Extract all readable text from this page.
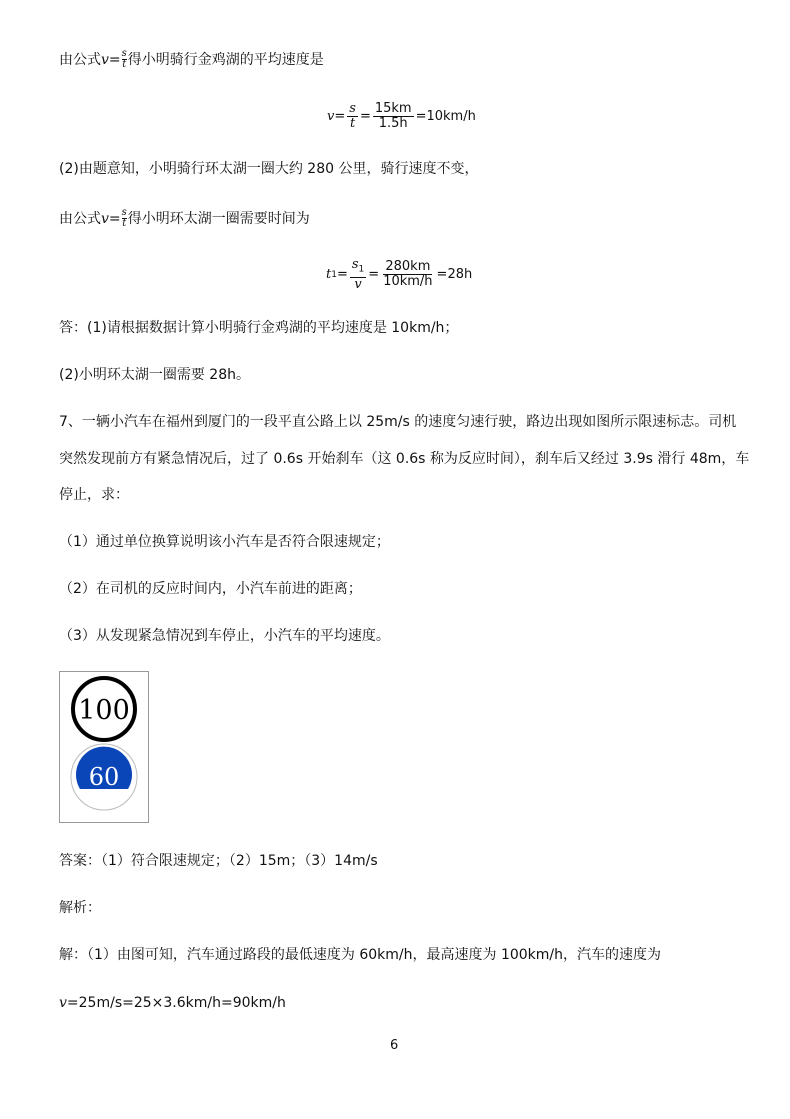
由公式 $v = \frac{s}{t}$ 得小明骑行金鸡湖的平均速度是
$v = \frac{s}{t} = \frac{15km}{1.5h} =10km/h$
(2)由题意知，小明骑行环太湖一圈大约 280 公里，骑行速度不变，
由公式 $v = \frac{s}{t}$ 得小明环太湖一圈需要时间为
t $1 = \frac{s_1}{v} = \frac{280km}{10km/h} =28h$
答：(1)请根据数据计算小明骑行金鸡湖的平均速度是 10km/h；
(2)小明环太湖一圈需要 28h。
7、一辆小汽车在福州到厦门的一段平直公路上以 25m/s 的速度匀速行驶，路边出现如图所示限速标志。司机
突然发现前方有紧急情况后，过了 0.6s 开始刹车（这 0.6s 称为反应时间），刹车后又经过 3.9s 滑行 48m，车
停止，求：
（1）通过单位换算说明该小汽车是否符合限速规定；
（2）在司机的反应时间内，小汽车前进的距离；
（3）从发现紧急情况到车停止，小汽车的平均速度。
100
60
答案：（1）符合限速规定；（2）15m；（3）14m/s
解析：
解：（1）由图可知，汽车通过路段的最低速度为 60km/h，最高速度为 100km/h，汽车的速度为
v=25m/s=25×3.6km/h=90km/h
6
